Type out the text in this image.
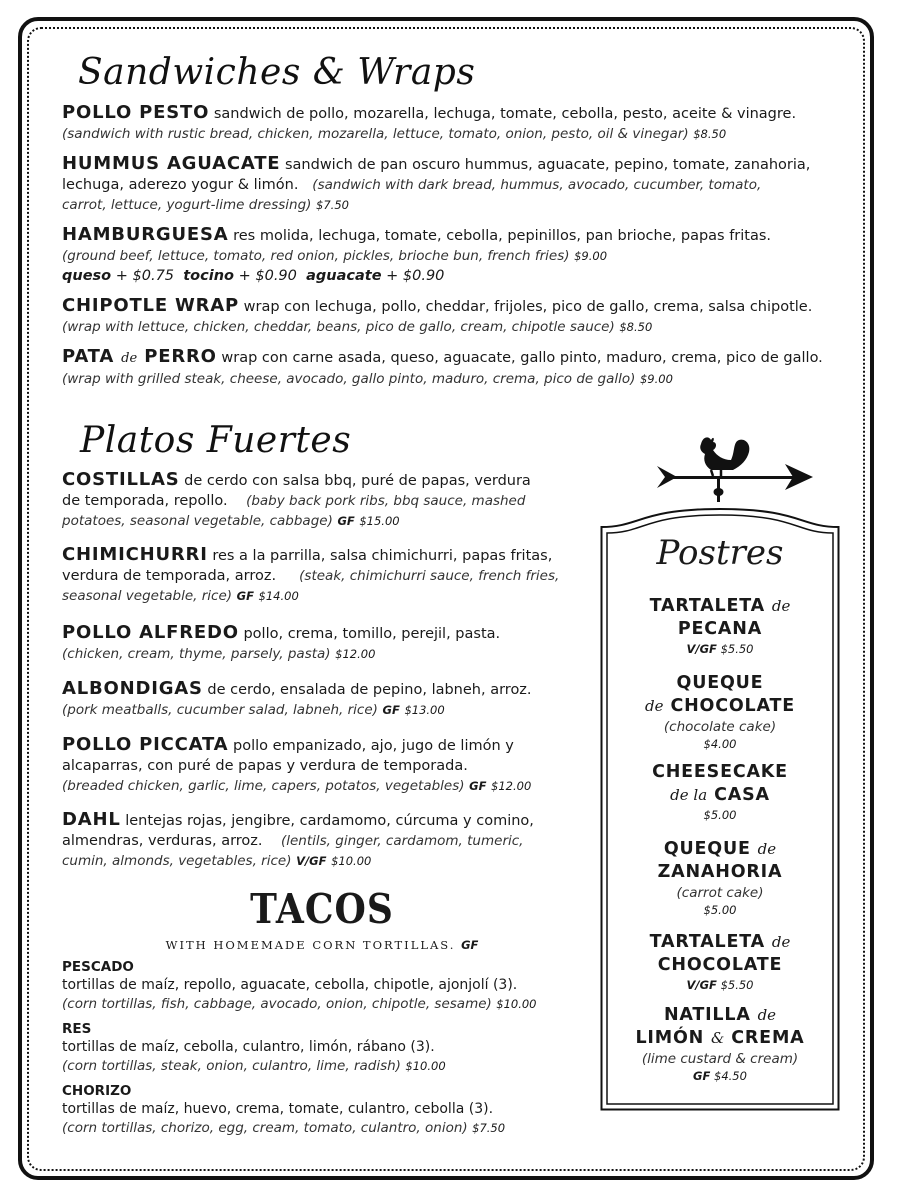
Sandwiches & Wraps
POLLO PESTO sandwich de pollo, mozarella, lechuga, tomate, cebolla, pesto, aceite & vinagre.
(sandwich with rustic bread, chicken, mozarella, lettuce, tomato, onion, pesto, oil & vinegar) $8.50
HUMMUS AGUACATE sandwich de pan oscuro hummus, aguacate, pepino, tomate, zanahoria,
lechuga, aderezo yogur & limón. (sandwich with dark bread, hummus, avocado, cucumber, tomato,
carrot, lettuce, yogurt-lime dressing) $7.50
HAMBURGUESA res molida, lechuga, tomate, cebolla, pepinillos, pan brioche, papas fritas.
(ground beef, lettuce, tomato, red onion, pickles, brioche bun, french fries) $9.00
queso + $0.75 tocino + $0.90 aguacate + $0.90
CHIPOTLE WRAP wrap con lechuga, pollo, cheddar, frijoles, pico de gallo, crema, salsa chipotle.
(wrap with lettuce, chicken, cheddar, beans, pico de gallo, cream, chipotle sauce) $8.50
PATA de PERRO wrap con carne asada, queso, aguacate, gallo pinto, maduro, crema, pico de gallo.
(wrap with grilled steak, cheese, avocado, gallo pinto, maduro, crema, pico de gallo) $9.00
Platos Fuertes
COSTILLAS de cerdo con salsa bbq, puré de papas, verdura
de temporada, repollo. (baby back pork ribs, bbq sauce, mashed
potatoes, seasonal vegetable, cabbage) GF $15.00
CHIMICHURRI res a la parrilla, salsa chimichurri, papas fritas,
verdura de temporada, arroz. (steak, chimichurri sauce, french fries,
seasonal vegetable, rice) GF $14.00
POLLO ALFREDO pollo, crema, tomillo, perejil, pasta.
(chicken, cream, thyme, parsely, pasta) $12.00
ALBONDIGAS de cerdo, ensalada de pepino, labneh, arroz.
(pork meatballs, cucumber salad, labneh, rice) GF $13.00
POLLO PICCATA pollo empanizado, ajo, jugo de limón y
alcaparras, con puré de papas y verdura de temporada.
(breaded chicken, garlic, lime, capers, potatos, vegetables) GF $12.00
DAHL lentejas rojas, jengibre, cardamomo, cúrcuma y comino,
almendras, verduras, arroz. (lentils, ginger, cardamom, tumeric,
cumin, almonds, vegetables, rice) V/GF $10.00
TACOS
WITH HOMEMADE CORN TORTILLAS. GF
PESCADO
tortillas de maíz, repollo, aguacate, cebolla, chipotle, ajonjolí (3).
(corn tortillas, fish, cabbage, avocado, onion, chipotle, sesame) $10.00
RES
tortillas de maíz, cebolla, culantro, limón, rábano (3).
(corn tortillas, steak, onion, culantro, lime, radish) $10.00
CHORIZO
tortillas de maíz, huevo, crema, tomate, culantro, cebolla (3).
(corn tortillas, chorizo, egg, cream, tomato, culantro, onion) $7.50
Postres
TARTALETA de
PECANA
V/GF $5.50
QUEQUE
de CHOCOLATE
(chocolate cake)
$4.00
CHEESECAKE
de la CASA
$5.00
QUEQUE de
ZANAHORIA
(carrot cake)
$5.00
TARTALETA de
CHOCOLATE
V/GF $5.50
NATILLA de
LIMÓN & CREMA
(lime custard & cream)
GF $4.50
